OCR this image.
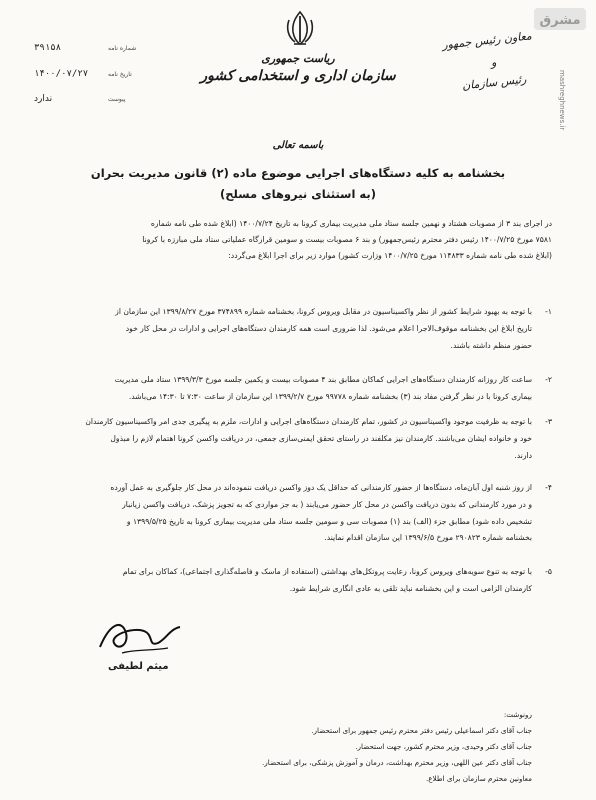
مشرق
mashreghnews.ir
ریاست جمهوری
سازمان اداری و استخدامی کشور
شماره نامه
۳۹۱۵۸
تاریخ نامه
۱۴۰۰/۰۷/۲۷
پیوست
ندارد
معاون رئیس جمهور
و
رئیس سازمان
باسمه تعالی
بخشنامه به کلیه دستگاه‌های اجرایی موضوع ماده (۲) قانون مدیریت بحران
(به استثنای نیروهای مسلح)
در اجرای بند ۳ از مصوبات هشتاد و نهمین جلسه ستاد ملی مدیریت بیماری کرونا به تاریخ ۱۴۰۰/۷/۲۴ (ابلاغ شده طی نامه شماره
۷۵۸۱ مورخ ۱۴۰۰/۷/۲۵ رئیس دفتر محترم رئیس‌جمهور) و بند ۶ مصوبات بیست و سومین قرارگاه عملیاتی ستاد ملی مبارزه با کرونا
(ابلاغ شده طی نامه شماره ۱۱۴۸۳۳ مورخ ۱۴۰۰/۷/۲۵ وزارت کشور) موارد زیر برای اجرا ابلاغ می‌گردد:
۱-
با توجه به بهبود شرایط کشور از نظر واکسیناسیون در مقابل ویروس کرونا، بخشنامه شماره ۳۷۴۸۹۹ مورخ ۱۳۹۹/۸/۲۷ این سازمان از
تاریخ ابلاغ این بخشنامه موقوف‌الاجرا اعلام می‌شود. لذا ضروری است همه کارمندان دستگاه‌های اجرایی و ادارات در محل کار خود
حضور منظم داشته باشند.
۲-
ساعت کار روزانه کارمندان دستگاه‌های اجرایی کماکان مطابق بند ۴ مصوبات بیست و یکمین جلسه مورخ ۱۳۹۹/۳/۳ ستاد ملی مدیریت
بیماری کرونا با در نظر گرفتن مفاد بند (۳) بخشنامه شماره ۹۹۷۷۸ مورخ ۱۳۹۹/۲/۷ این سازمان از ساعت ۷:۳۰ تا ۱۴:۳۰ می‌باشد.
۳-
با توجه به ظرفیت موجود واکسیناسیون در کشور، تمام کارمندان دستگاه‌های اجرایی و ادارات، ملزم به پیگیری جدی امر واکسیناسیون کارمندان
خود و خانواده ایشان می‌باشند. کارمندان نیز مکلفند در راستای تحقق ایمنی‌سازی جمعی، در دریافت واکسن کرونا اهتمام لازم را مبذول
دارند.
۴-
از روز شنبه اول آبان‌ماه، دستگاه‌ها از حضور کارمندانی که حداقل یک دوز واکسن دریافت ننموده‌اند در محل کار جلوگیری به عمل آورده
و در مورد کارمندانی که بدون دریافت واکسن در محل کار حضور می‌یابند ( به جز مواردی که به تجویز پزشک، دریافت واکسن زیانبار
تشخیص داده شود) مطابق جزء (الف) بند (۱) مصوبات سی و سومین جلسه ستاد ملی مدیریت بیماری کرونا به تاریخ ۱۳۹۹/۵/۲۵ و
بخشنامه شماره ۲۹۰۸۲۳ مورخ ۱۳۹۹/۶/۵ این سازمان اقدام نمایند.
۵-
با توجه به تنوع سویه‌های ویروس کرونا، رعایت پروتکل‌های بهداشتی (استفاده از ماسک و فاصله‌گذاری اجتماعی)، کماکان برای تمام
کارمندان الزامی است و این بخشنامه نباید تلقی به عادی انگاری شرایط شود.
میثم لطیفی
رونوشت:
جناب آقای دکتر اسماعیلی رئیس دفتر محترم رئیس جمهور برای استحضار.
جناب آقای دکتر وحیدی، وزیر محترم کشور، جهت استحضار.
جناب آقای دکتر عین اللهی، وزیر محترم بهداشت، درمان و آموزش پزشکی، برای استحضار.
معاونین محترم سازمان برای اطلاع.
